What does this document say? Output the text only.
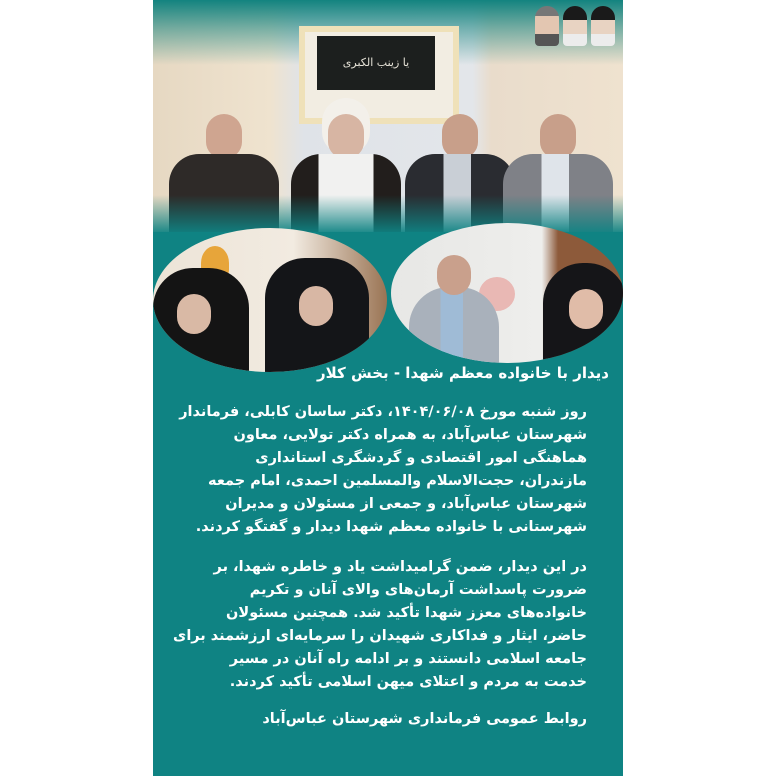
یا زینب الکبری
دیدار با خانواده معظم شهدا - بخش کلار
روز شنبه مورخ ۱۴۰۴/۰۶/۰۸، دکتر ساسان کابلی، فرماندار
شهرستان عباس‌آباد، به همراه دکتر تولایی، معاون
هماهنگی امور اقتصادی و گردشگری استانداری
مازندران، حجت‌الاسلام والمسلمین احمدی، امام جمعه
شهرستان عباس‌آباد، و جمعی از مسئولان و مدیران
شهرستانی با خانواده معظم شهدا دیدار و گفتگو کردند.
در این دیدار، ضمن گرامیداشت یاد و خاطره شهدا، بر
ضرورت پاسداشت آرمان‌های والای آنان و تکریم
خانواده‌های معزز شهدا تأکید شد. همچنین مسئولان
حاضر، ایثار و فداکاری شهیدان را سرمایه‌ای ارزشمند برای
جامعه اسلامی دانستند و بر ادامه راه آنان در مسیر
خدمت به مردم و اعتلای میهن اسلامی تأکید کردند.
روابط عمومی فرمانداری شهرستان عباس‌آباد
